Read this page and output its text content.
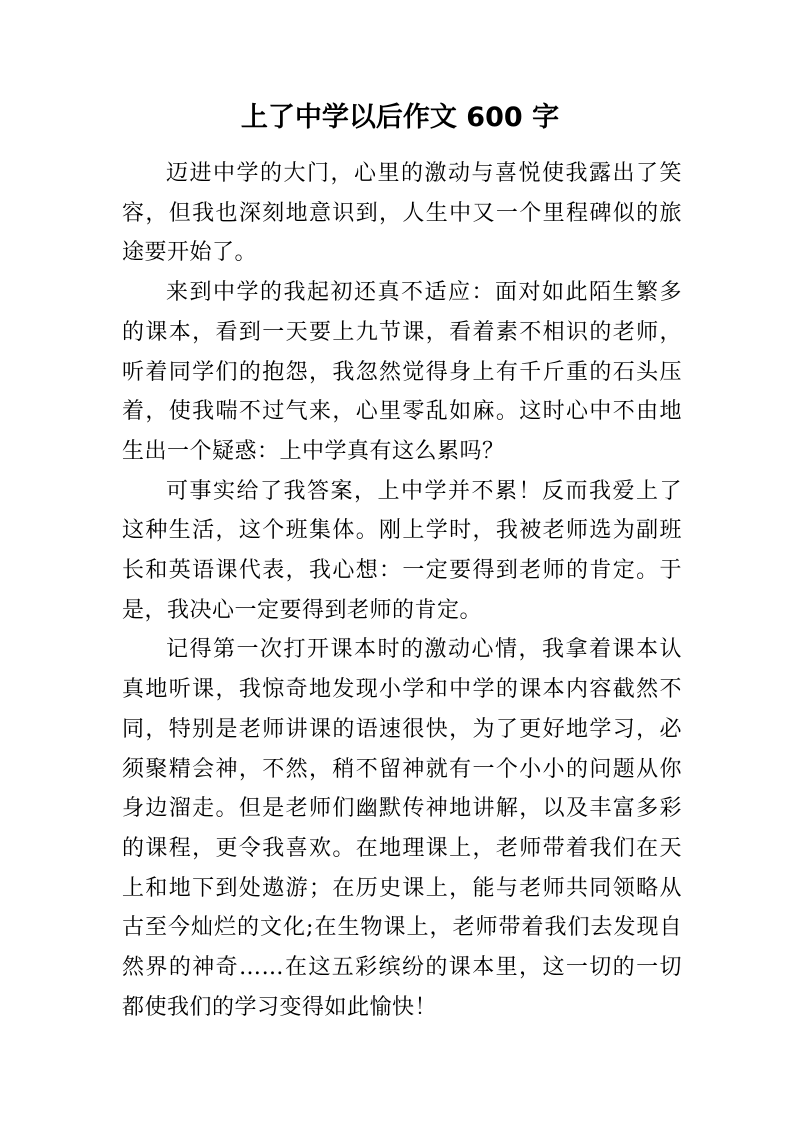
上了中学以后作文 600 字

迈进中学的大门，心里的激动与喜悦使我露出了笑容，但我也深刻地意识到，人生中又一个里程碑似的旅途要开始了。

来到中学的我起初还真不适应：面对如此陌生繁多的课本，看到一天要上九节课，看着素不相识的老师，听着同学们的抱怨，我忽然觉得身上有千斤重的石头压着，使我喘不过气来，心里零乱如麻。这时心中不由地生出一个疑惑：上中学真有这么累吗？

可事实给了我答案，上中学并不累！反而我爱上了这种生活，这个班集体。刚上学时，我被老师选为副班长和英语课代表，我心想：一定要得到老师的肯定。于是，我决心一定要得到老师的肯定。

记得第一次打开课本时的激动心情，我拿着课本认真地听课，我惊奇地发现小学和中学的课本内容截然不同，特别是老师讲课的语速很快，为了更好地学习，必须聚精会神，不然，稍不留神就有一个小小的问题从你身边溜走。但是老师们幽默传神地讲解，以及丰富多彩的课程，更令我喜欢。在地理课上，老师带着我们在天上和地下到处遨游；在历史课上，能与老师共同领略从古至今灿烂的文化;在生物课上，老师带着我们去发现自然界的神奇……在这五彩缤纷的课本里，这一切的一切都使我们的学习变得如此愉快！
